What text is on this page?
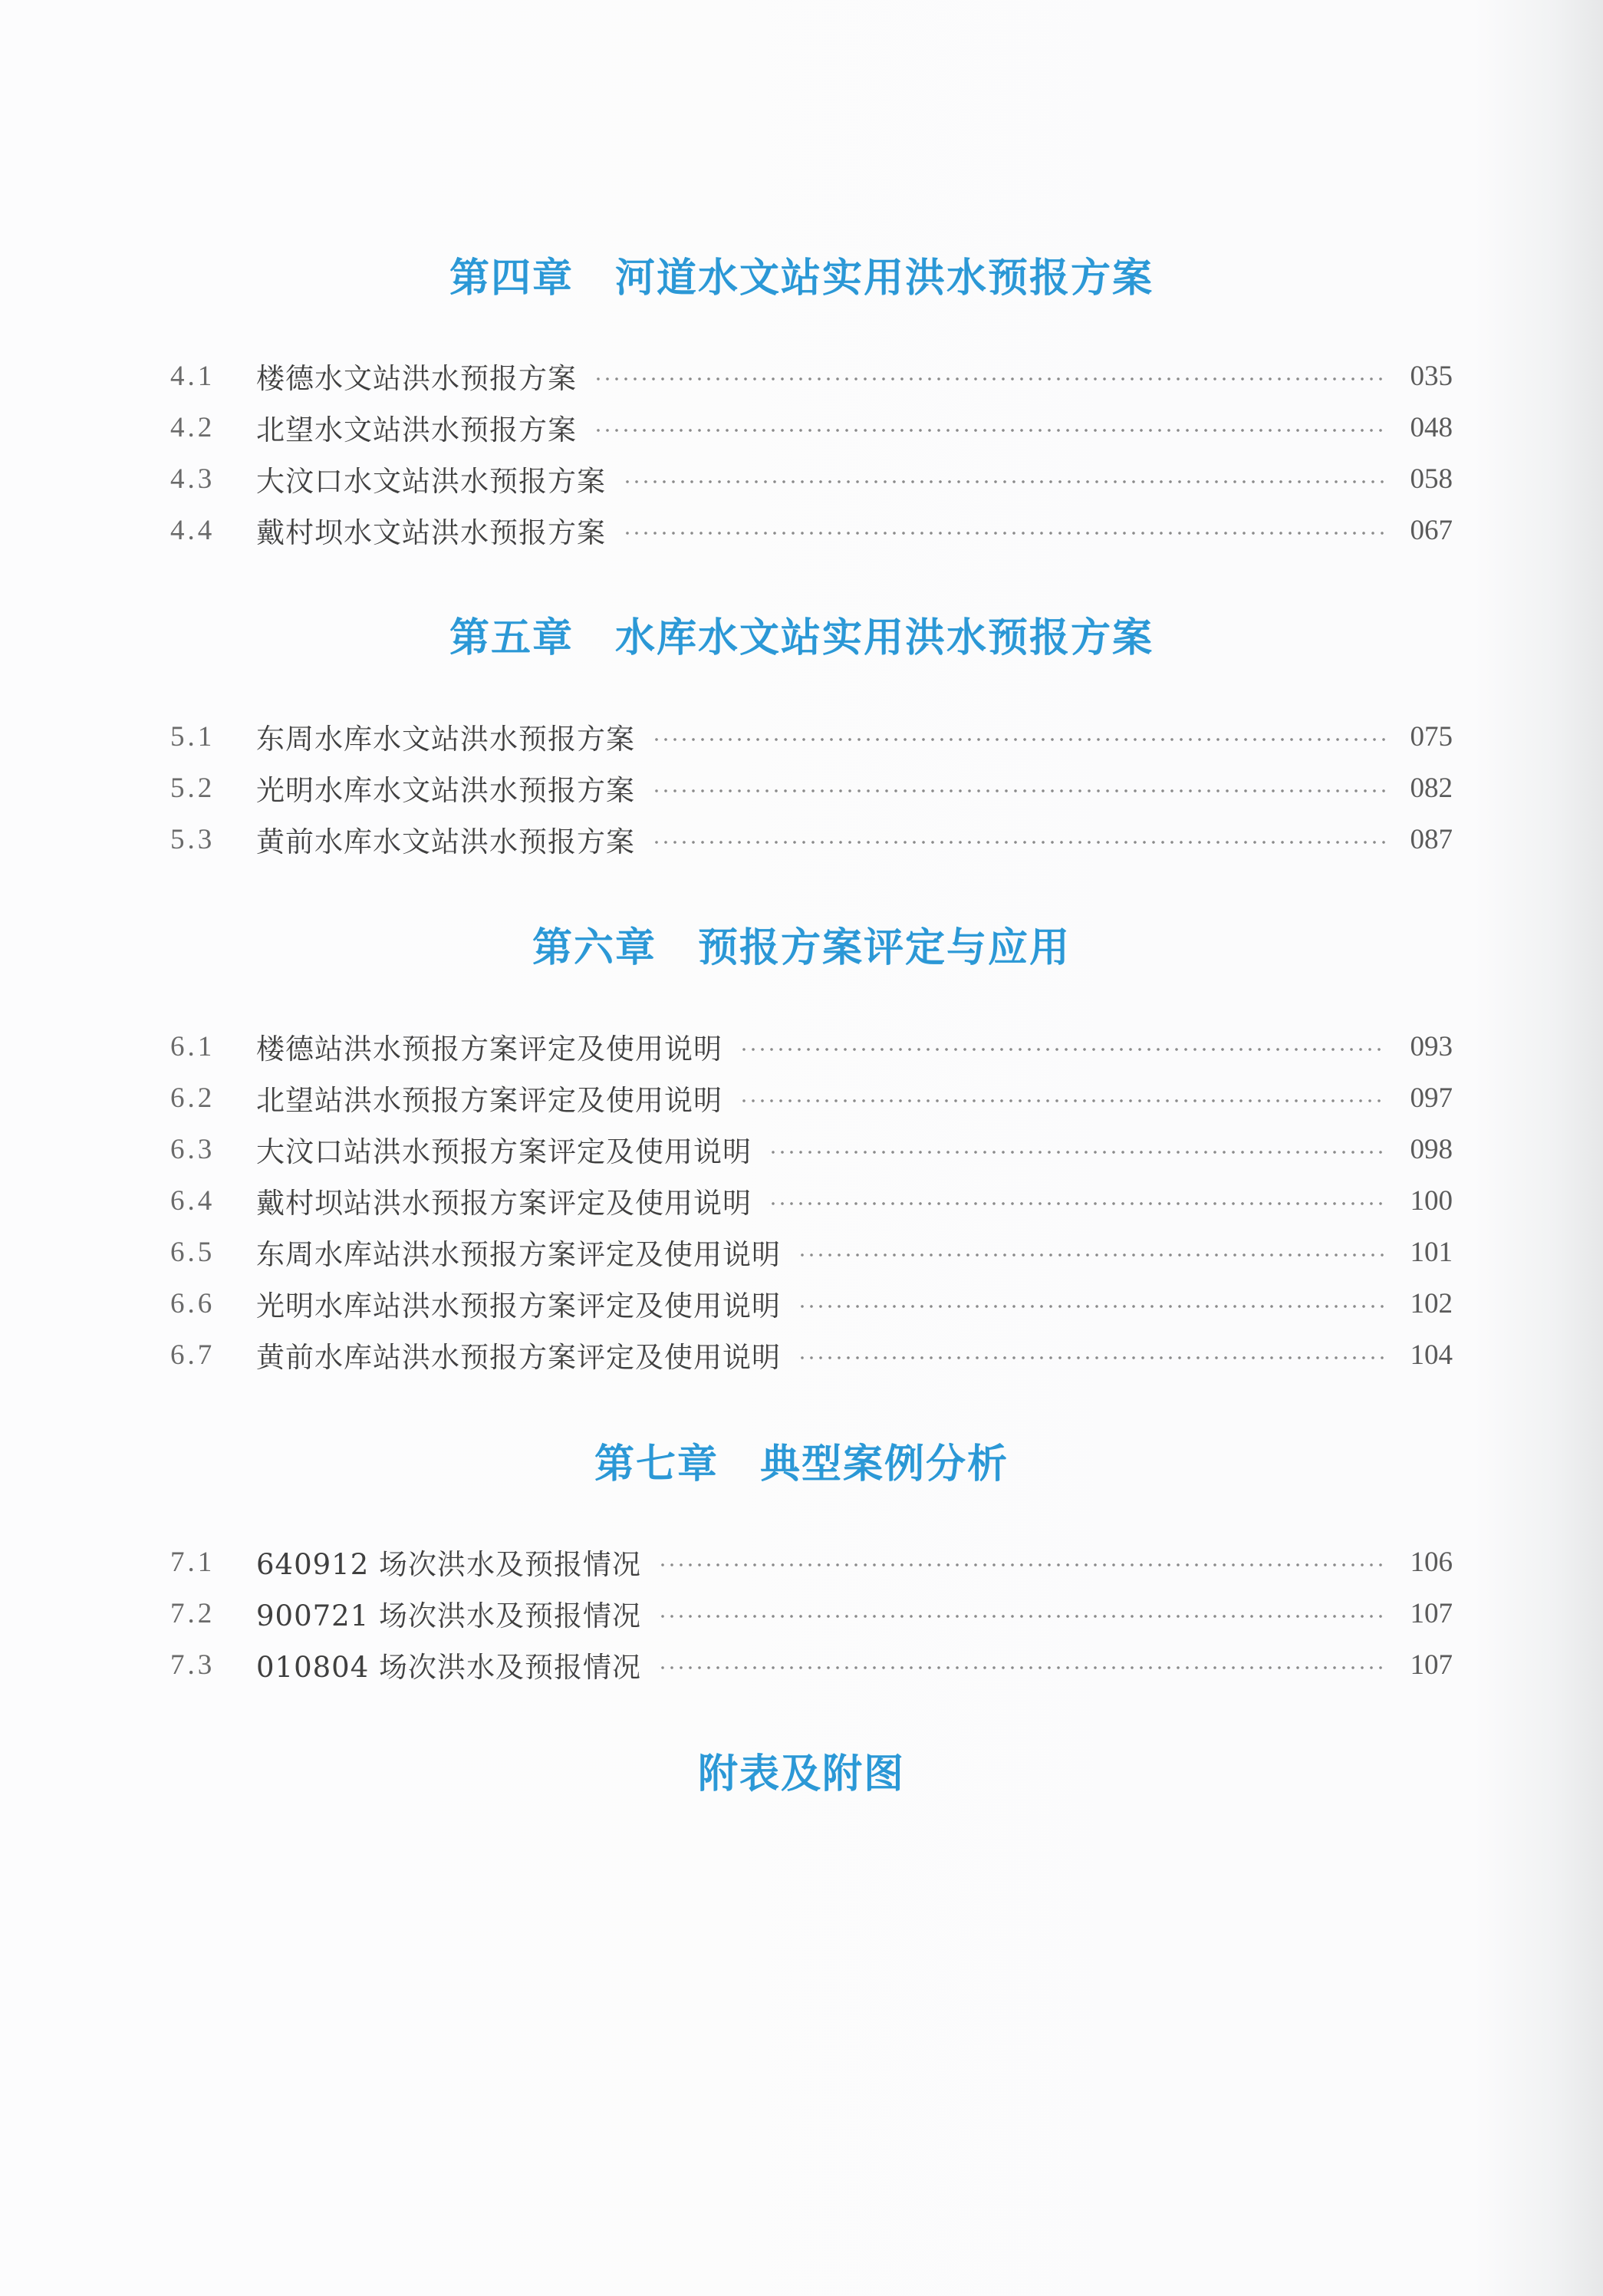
第四章　河道水文站实用洪水预报方案
4.1	楼德水文站洪水预报方案	035
4.2	北望水文站洪水预报方案	048
4.3	大汶口水文站洪水预报方案	058
4.4	戴村坝水文站洪水预报方案	067
第五章　水库水文站实用洪水预报方案
5.1	东周水库水文站洪水预报方案	075
5.2	光明水库水文站洪水预报方案	082
5.3	黄前水库水文站洪水预报方案	087
第六章　预报方案评定与应用
6.1	楼德站洪水预报方案评定及使用说明	093
6.2	北望站洪水预报方案评定及使用说明	097
6.3	大汶口站洪水预报方案评定及使用说明	098
6.4	戴村坝站洪水预报方案评定及使用说明	100
6.5	东周水库站洪水预报方案评定及使用说明	101
6.6	光明水库站洪水预报方案评定及使用说明	102
6.7	黄前水库站洪水预报方案评定及使用说明	104
第七章　典型案例分析
7.1	640912 场次洪水及预报情况	106
7.2	900721 场次洪水及预报情况	107
7.3	010804 场次洪水及预报情况	107
附表及附图
